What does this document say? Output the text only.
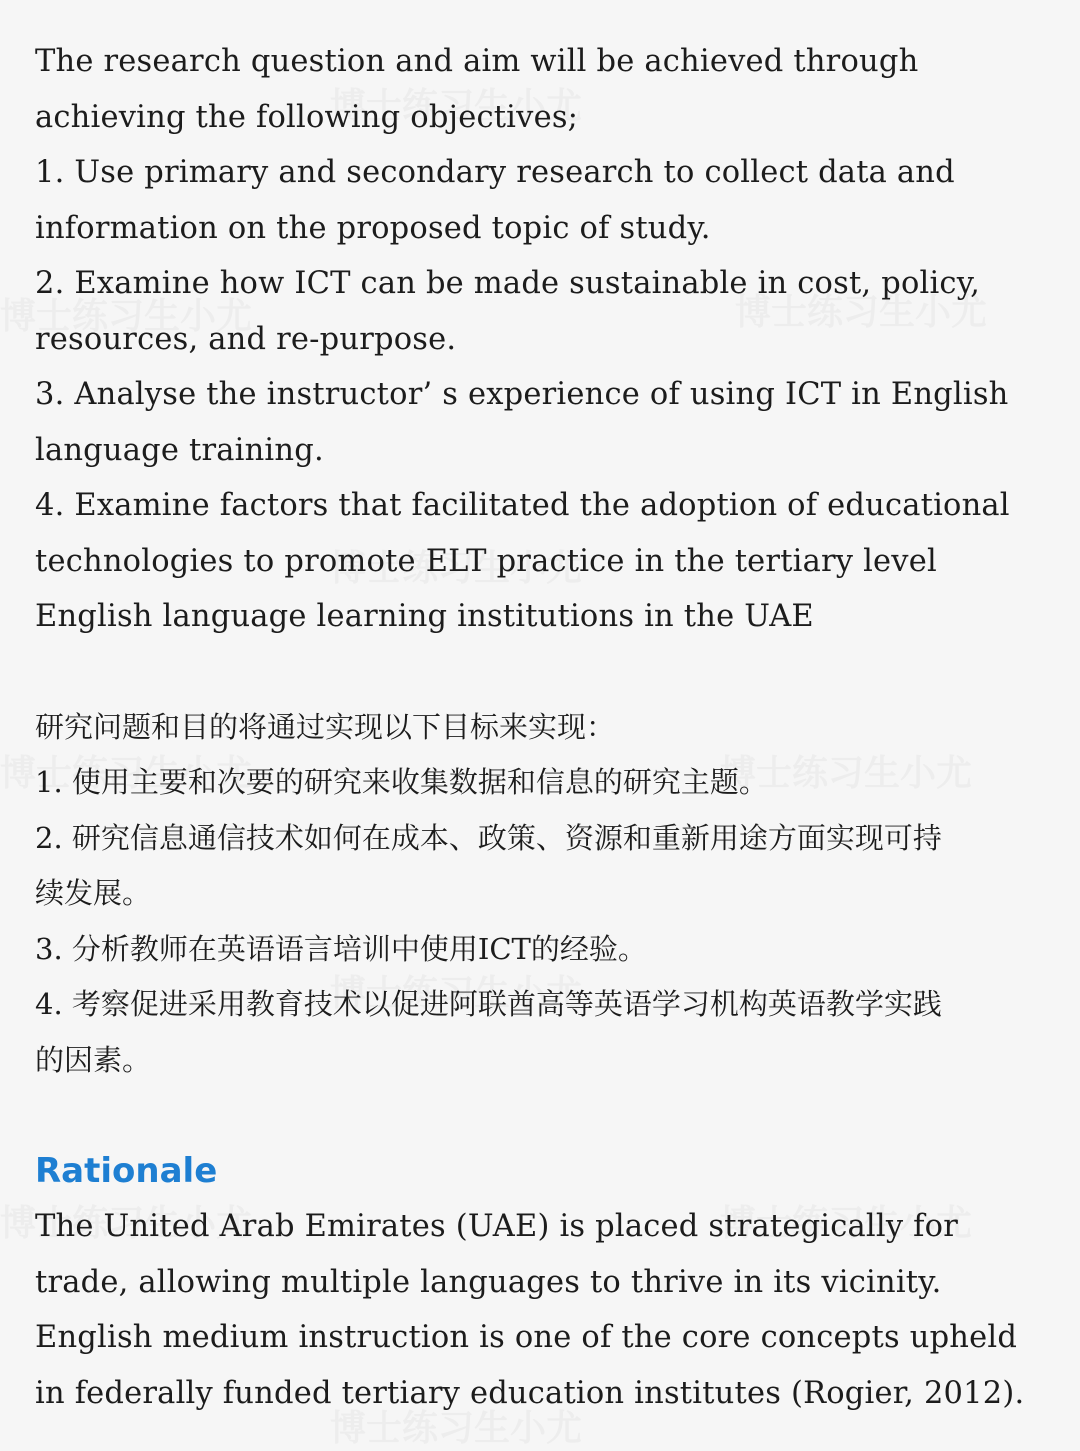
The research question and aim will be achieved through

achieving the following objectives;

1. Use primary and secondary research to collect data and

information on the proposed topic of study.

2. Examine how ICT can be made sustainable in cost, policy,

resources, and re-purpose.

3. Analyse the instructor’ s experience of using ICT in English

language training.

4. Examine factors that facilitated the adoption of educational

technologies to promote ELT practice in the tertiary level

English language learning institutions in the UAE

研究问题和目的将通过实现以下目标来实现：

1. 使用主要和次要的研究来收集数据和信息的研究主题。

2. 研究信息通信技术如何在成本、政策、资源和重新用途方面实现可持

续发展。

3. 分析教师在英语语言培训中使用ICT的经验。

4. 考察促进采用教育技术以促进阿联酋高等英语学习机构英语教学实践

的因素。

Rationale

The United Arab Emirates (UAE) is placed strategically for

trade, allowing multiple languages to thrive in its vicinity.

English medium instruction is one of the core concepts upheld

in federally funded tertiary education institutes (Rogier, 2012).
